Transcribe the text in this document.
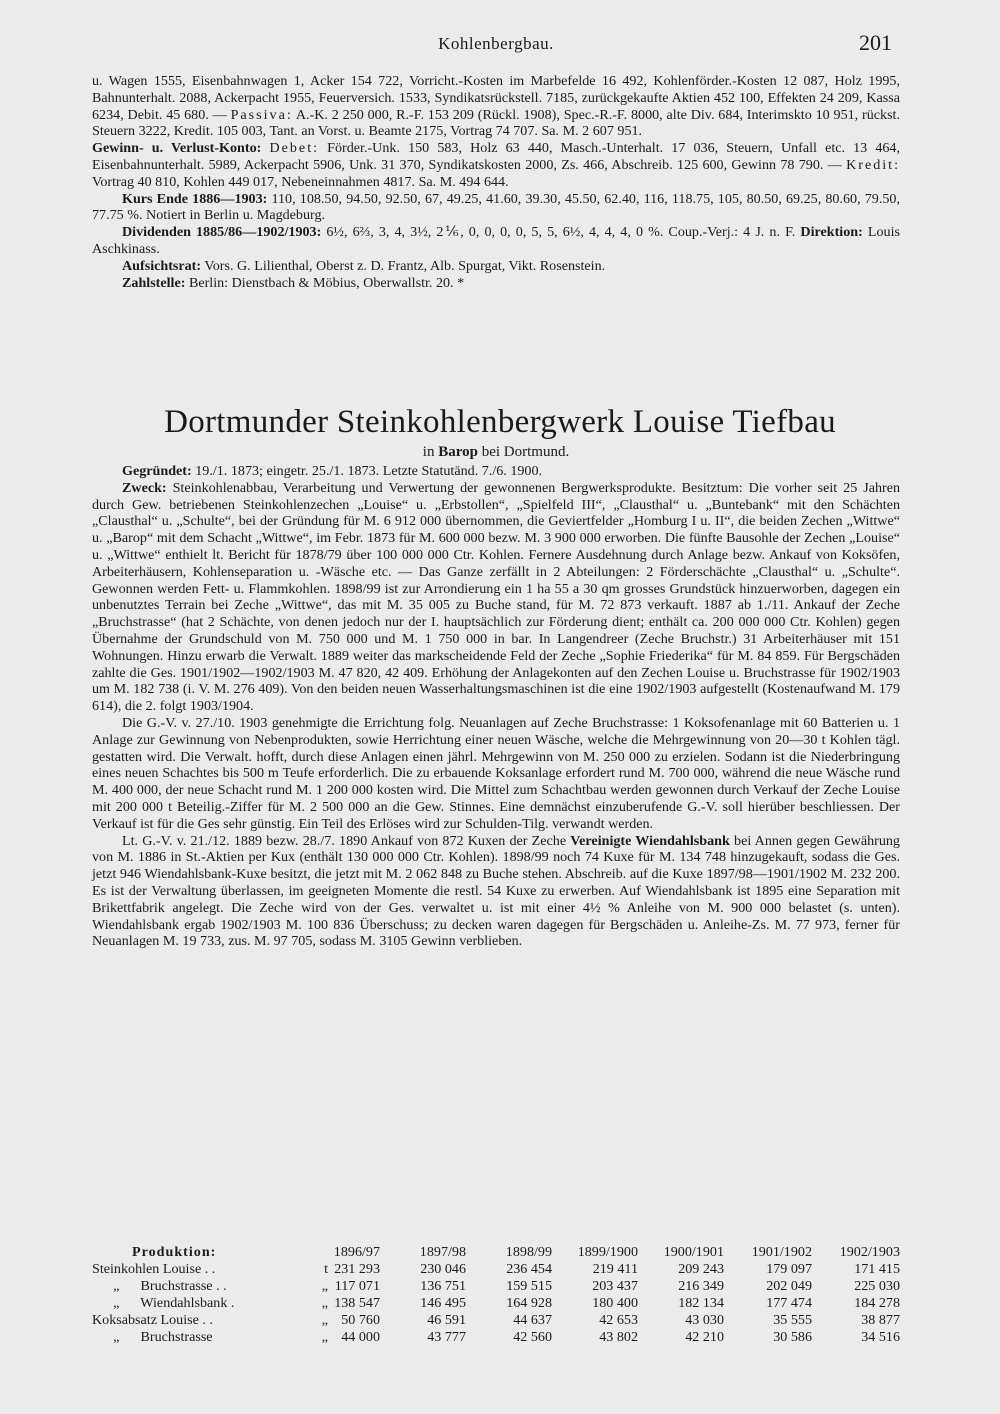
Kohlenbergbau.	201

u. Wagen 1555, Eisenbahnwagen 1, Acker 154 722, Vorricht.-Kosten im Marbefelde 16 492, Kohlenförder.-Kosten 12 087, Holz 1995, Bahnunterhalt. 2088, Ackerpacht 1955, Feuerversich. 1533, Syndikatsrückstell. 7185, zurückgekaufte Aktien 452 100, Effekten 24 209, Kassa 6234, Debit. 45 680. — Passiva: A.-K. 2 250 000, R.-F. 153 209 (Rückl. 1908), Spec.-R.-F. 8000, alte Div. 684, Interimskto 10 951, rückst. Steuern 3222, Kredit. 105 003, Tant. an Vorst. u. Beamte 2175, Vortrag 74 707. Sa. M. 2 607 951.

Gewinn- u. Verlust-Konto: Debet: Förder.-Unk. 150 583, Holz 63 440, Masch.-Unterhalt. 17 036, Steuern, Unfall etc. 13 464, Eisenbahnunterhalt. 5989, Ackerpacht 5906, Unk. 31 370, Syndikatskosten 2000, Zs. 466, Abschreib. 125 600, Gewinn 78 790. — Kredit: Vortrag 40 810, Kohlen 449 017, Nebeneinnahmen 4817. Sa. M. 494 644.

Kurs Ende 1886—1903: 110, 108.50, 94.50, 92.50, 67, 49.25, 41.60, 39.30, 45.50, 62.40, 116, 118.75, 105, 80.50, 69.25, 80.60, 79.50, 77.75 %. Notiert in Berlin u. Magdeburg.

Dividenden 1885/86—1902/1903: 6½, 6⅔, 3, 4, 3½, 2⅙, 0, 0, 0, 0, 5, 5, 6½, 4, 4, 4, 0 %. Coup.-Verj.: 4 J. n. F. Direktion: Louis Aschkinass.

Aufsichtsrat: Vors. G. Lilienthal, Oberst z. D. Frantz, Alb. Spurgat, Vikt. Rosenstein.

Zahlstelle: Berlin: Dienstbach & Möbius, Oberwallstr. 20. *

Dortmunder Steinkohlenbergwerk Louise Tiefbau
in Barop bei Dortmund.

Gegründet: 19./1. 1873; eingetr. 25./1. 1873. Letzte Statutänd. 7./6. 1900.

Zweck: Steinkohlenabbau, Verarbeitung und Verwertung der gewonnenen Bergwerksprodukte. Besitztum: Die vorher seit 25 Jahren durch Gew. betriebenen Steinkohlenzechen „Louise“ u. „Erbstollen“, „Spielfeld III“, „Clausthal“ u. „Buntebank“ mit den Schächten „Clausthal“ u. „Schulte“, bei der Gründung für M. 6 912 000 übernommen, die Geviertfelder „Homburg I u. II“, die beiden Zechen „Wittwe“ u. „Barop“ mit dem Schacht „Wittwe“, im Febr. 1873 für M. 600 000 bezw. M. 3 900 000 erworben. Die fünfte Bausohle der Zechen „Louise“ u. „Wittwe“ enthielt lt. Bericht für 1878/79 über 100 000 000 Ctr. Kohlen. Fernere Ausdehnung durch Anlage bezw. Ankauf von Koksöfen, Arbeiterhäusern, Kohlenseparation u. -Wäsche etc. — Das Ganze zerfällt in 2 Abteilungen: 2 Förderschächte „Clausthal“ u. „Schulte“. Gewonnen werden Fett- u. Flammkohlen. 1898/99 ist zur Arrondierung ein 1 ha 55 a 30 qm grosses Grundstück hinzuerworben, dagegen ein unbenutztes Terrain bei Zeche „Wittwe“, das mit M. 35 005 zu Buche stand, für M. 72 873 verkauft. 1887 ab 1./11. Ankauf der Zeche „Bruchstrasse“ (hat 2 Schächte, von denen jedoch nur der I. hauptsächlich zur Förderung dient; enthält ca. 200 000 000 Ctr. Kohlen) gegen Übernahme der Grundschuld von M. 750 000 und M. 1 750 000 in bar. In Langendreer (Zeche Bruchstr.) 31 Arbeiterhäuser mit 151 Wohnungen. Hinzu erwarb die Verwalt. 1889 weiter das markscheidende Feld der Zeche „Sophie Friederika“ für M. 84 859. Für Bergschäden zahlte die Ges. 1901/1902—1902/1903 M. 47 820, 42 409. Erhöhung der Anlagekonten auf den Zechen Louise u. Bruchstrasse für 1902/1903 um M. 182 738 (i. V. M. 276 409). Von den beiden neuen Wasserhaltungsmaschinen ist die eine 1902/1903 aufgestellt (Kostenaufwand M. 179 614), die 2. folgt 1903/1904.

Die G.-V. v. 27./10. 1903 genehmigte die Errichtung folg. Neuanlagen auf Zeche Bruchstrasse: 1 Koksofenanlage mit 60 Batterien u. 1 Anlage zur Gewinnung von Nebenprodukten, sowie Herrichtung einer neuen Wäsche, welche die Mehrgewinnung von 20—30 t Kohlen tägl. gestatten wird. Die Verwalt. hofft, durch diese Anlagen einen jährl. Mehrgewinn von M. 250 000 zu erzielen. Sodann ist die Niederbringung eines neuen Schachtes bis 500 m Teufe erforderlich. Die zu erbauende Koksanlage erfordert rund M. 700 000, während die neue Wäsche rund M. 400 000, der neue Schacht rund M. 1 200 000 kosten wird. Die Mittel zum Schachtbau werden gewonnen durch Verkauf der Zeche Louise mit 200 000 t Beteilig.-Ziffer für M. 2 500 000 an die Gew. Stinnes. Eine demnächst einzuberufende G.-V. soll hierüber beschliessen. Der Verkauf ist für die Ges sehr günstig. Ein Teil des Erlöses wird zur Schulden-Tilg. verwandt werden.

Lt. G.-V. v. 21./12. 1889 bezw. 28./7. 1890 Ankauf von 872 Kuxen der Zeche Vereinigte Wiendahlsbank bei Annen gegen Gewährung von M. 1886 in St.-Aktien per Kux (enthält 130 000 000 Ctr. Kohlen). 1898/99 noch 74 Kuxe für M. 134 748 hinzugekauft, sodass die Ges. jetzt 946 Wiendahlsbank-Kuxe besitzt, die jetzt mit M. 2 062 848 zu Buche stehen. Abschreib. auf die Kuxe 1897/98—1901/1902 M. 232 200. Es ist der Verwaltung überlassen, im geeigneten Momente die restl. 54 Kuxe zu erwerben. Auf Wiendahlsbank ist 1895 eine Separation mit Brikettfabrik angelegt. Die Zeche wird von der Ges. verwaltet u. ist mit einer 4½ % Anleihe von M. 900 000 belastet (s. unten). Wiendahlsbank ergab 1902/1903 M. 100 836 Überschuss; zu decken waren dagegen für Bergschäden u. Anleihe-Zs. M. 77 973, ferner für Neuanlagen M. 19 733, zus. M. 97 705, sodass M. 3105 Gewinn verblieben.

Produktion:	1896/97	1897/98	1898/99	1899/1900	1900/1901	1901/1902	1902/1903
Steinkohlen Louise . .	t 231 293	230 046	236 454	219 411	209 243	179 097	171 415
„      Bruchstrasse . .	„ 117 071	136 751	159 515	203 437	216 349	202 049	225 030
„      Wiendahlsbank .	„ 138 547	146 495	164 928	180 400	182 134	177 474	184 278
Koksabsatz Louise . .	„ 50 760	46 591	44 637	42 653	43 030	35 555	38 877
„      Bruchstrasse	„ 44 000	43 777	42 560	43 802	42 210	30 586	34 516
